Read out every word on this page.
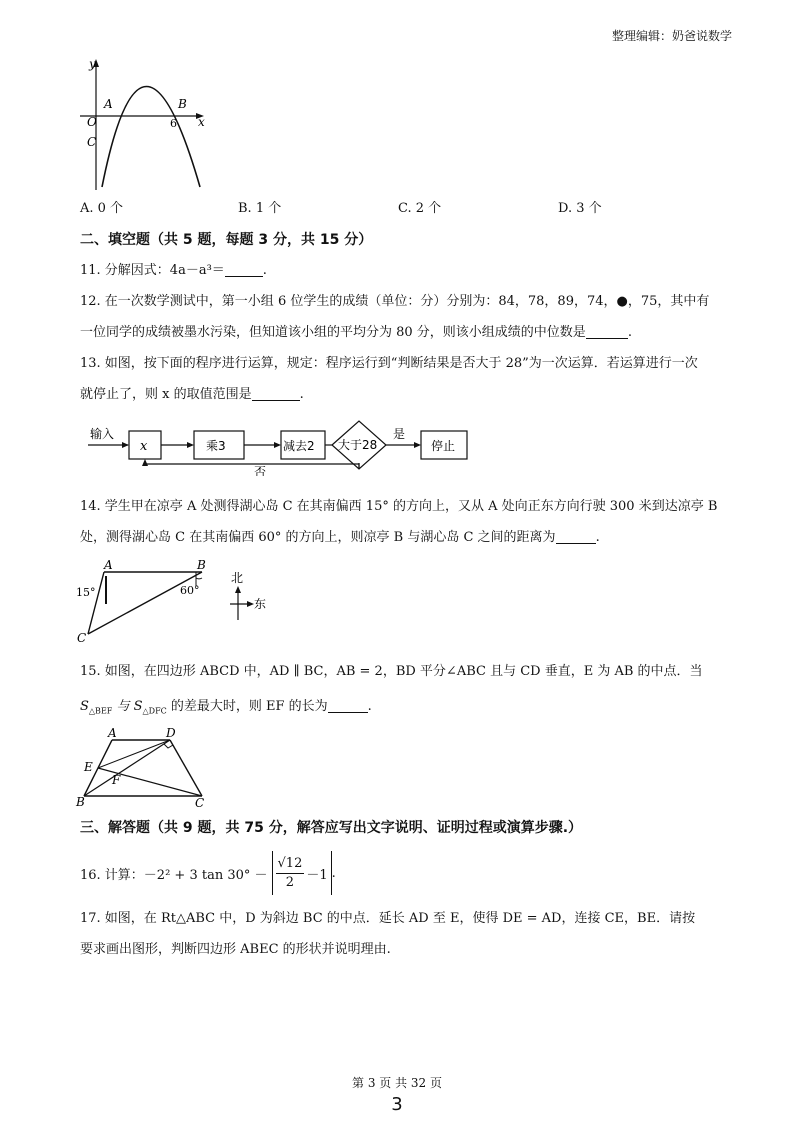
整理编辑：奶爸说数学
y
x
O
A	B
6
C
A. 0 个	B. 1 个	C. 2 个	D. 3 个
二、填空题（共 5 题，每题 3 分，共 15 分）
11. 分解因式：4a－a³＝	.
12. 在一次数学测试中，第一小组 6 位学生的成绩（单位：分）分别为：84，78，89，74，●，75，其中有
一位同学的成绩被墨水污染，但知道该小组的平均分为 80 分，则该小组成绩的中位数是	.
13. 如图，按下面的程序进行运算，规定：程序运行到“判断结果是否大于 28”为一次运算．若运算进行一次
就停止了，则 x 的取值范围是	.
输入
x	乘3	减去2 大于28
是
停止
否
14. 学生甲在凉亭 A 处测得湖心岛 C 在其南偏西 15° 的方向上，又从 A 处向正东方向行驶 300 米到达凉亭 B
处，测得湖心岛 C 在其南偏西 60° 的方向上，则凉亭 B 与湖心岛 C 之间的距离为	.
A	B
C
15°	60°
北
东
15. 如图，在四边形 ABCD 中，AD ∥ BC，AB = 2，BD 平分∠ABC 且与 CD 垂直，E 为 AB 的中点．当
$S_{\triangle BEF}$ 与 $S_{\triangle DFC}$ 的差最大时，则 EF 的长为	.
A	D
E
F
B	C
三、解答题（共 9 题，共 75 分，解答应写出文字说明、证明过程或演算步骤.）
16. 计算：－2² + 3 $\tan 30^\circ - \frac{√12}{2} -1$ .
17. 如图，在 Rt△ABC 中，D 为斜边 BC 的中点．延长 AD 至 E，使得 DE = AD，连接 CE，BE．请按
要求画出图形，判断四边形 ABEC 的形状并说明理由.
第 3 页 共 32 页
3
